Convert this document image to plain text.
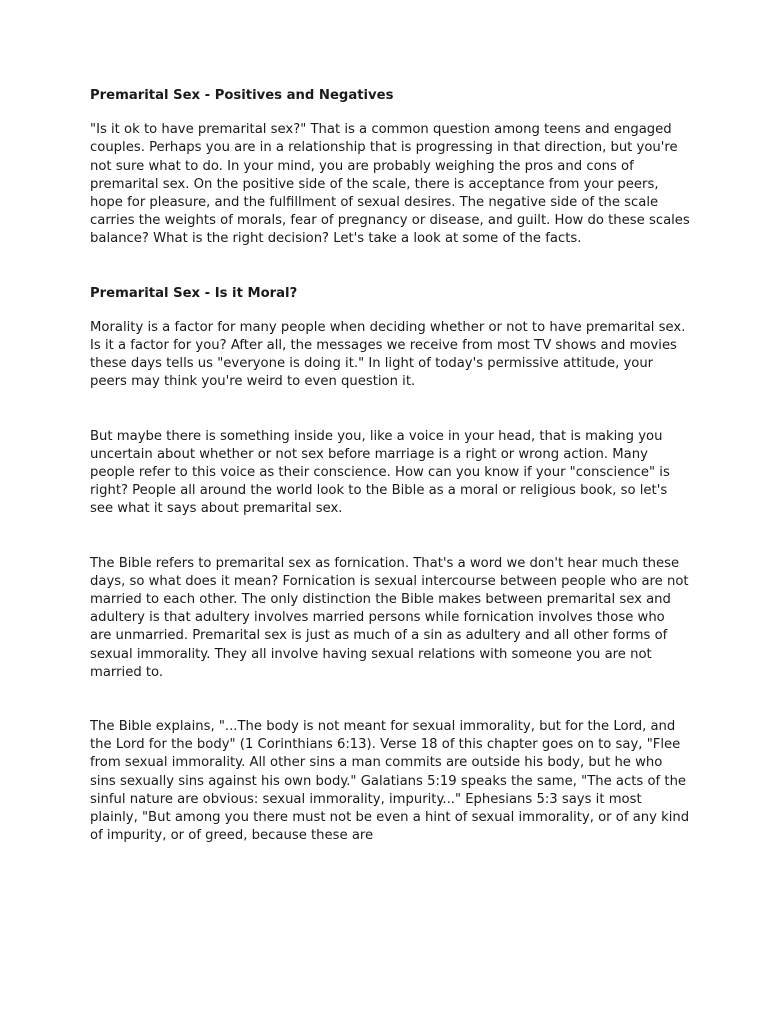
Premarital Sex - Positives and Negatives

"Is it ok to have premarital sex?" That is a common question among teens and engaged couples. Perhaps you are in a relationship that is progressing in that direction, but you're not sure what to do. In your mind, you are probably weighing the pros and cons of premarital sex. On the positive side of the scale, there is acceptance from your peers, hope for pleasure, and the fulfillment of sexual desires. The negative side of the scale carries the weights of morals, fear of pregnancy or disease, and guilt. How do these scales balance? What is the right decision? Let's take a look at some of the facts.

Premarital Sex - Is it Moral?

Morality is a factor for many people when deciding whether or not to have premarital sex. Is it a factor for you? After all, the messages we receive from most TV shows and movies these days tells us "everyone is doing it." In light of today's permissive attitude, your peers may think you're weird to even question it.

But maybe there is something inside you, like a voice in your head, that is making you uncertain about whether or not sex before marriage is a right or wrong action. Many people refer to this voice as their conscience. How can you know if your "conscience" is right? People all around the world look to the Bible as a moral or religious book, so let's see what it says about premarital sex.

The Bible refers to premarital sex as fornication. That's a word we don't hear much these days, so what does it mean? Fornication is sexual intercourse between people who are not married to each other. The only distinction the Bible makes between premarital sex and adultery is that adultery involves married persons while fornication involves those who are unmarried. Premarital sex is just as much of a sin as adultery and all other forms of sexual immorality. They all involve having sexual relations with someone you are not married to.

The Bible explains, "...The body is not meant for sexual immorality, but for the Lord, and the Lord for the body" (1 Corinthians 6:13). Verse 18 of this chapter goes on to say, "Flee from sexual immorality. All other sins a man commits are outside his body, but he who sins sexually sins against his own body." Galatians 5:19 speaks the same, "The acts of the sinful nature are obvious: sexual immorality, impurity..." Ephesians 5:3 says it most plainly, "But among you there must not be even a hint of sexual immorality, or of any kind of impurity, or of greed, because these are
